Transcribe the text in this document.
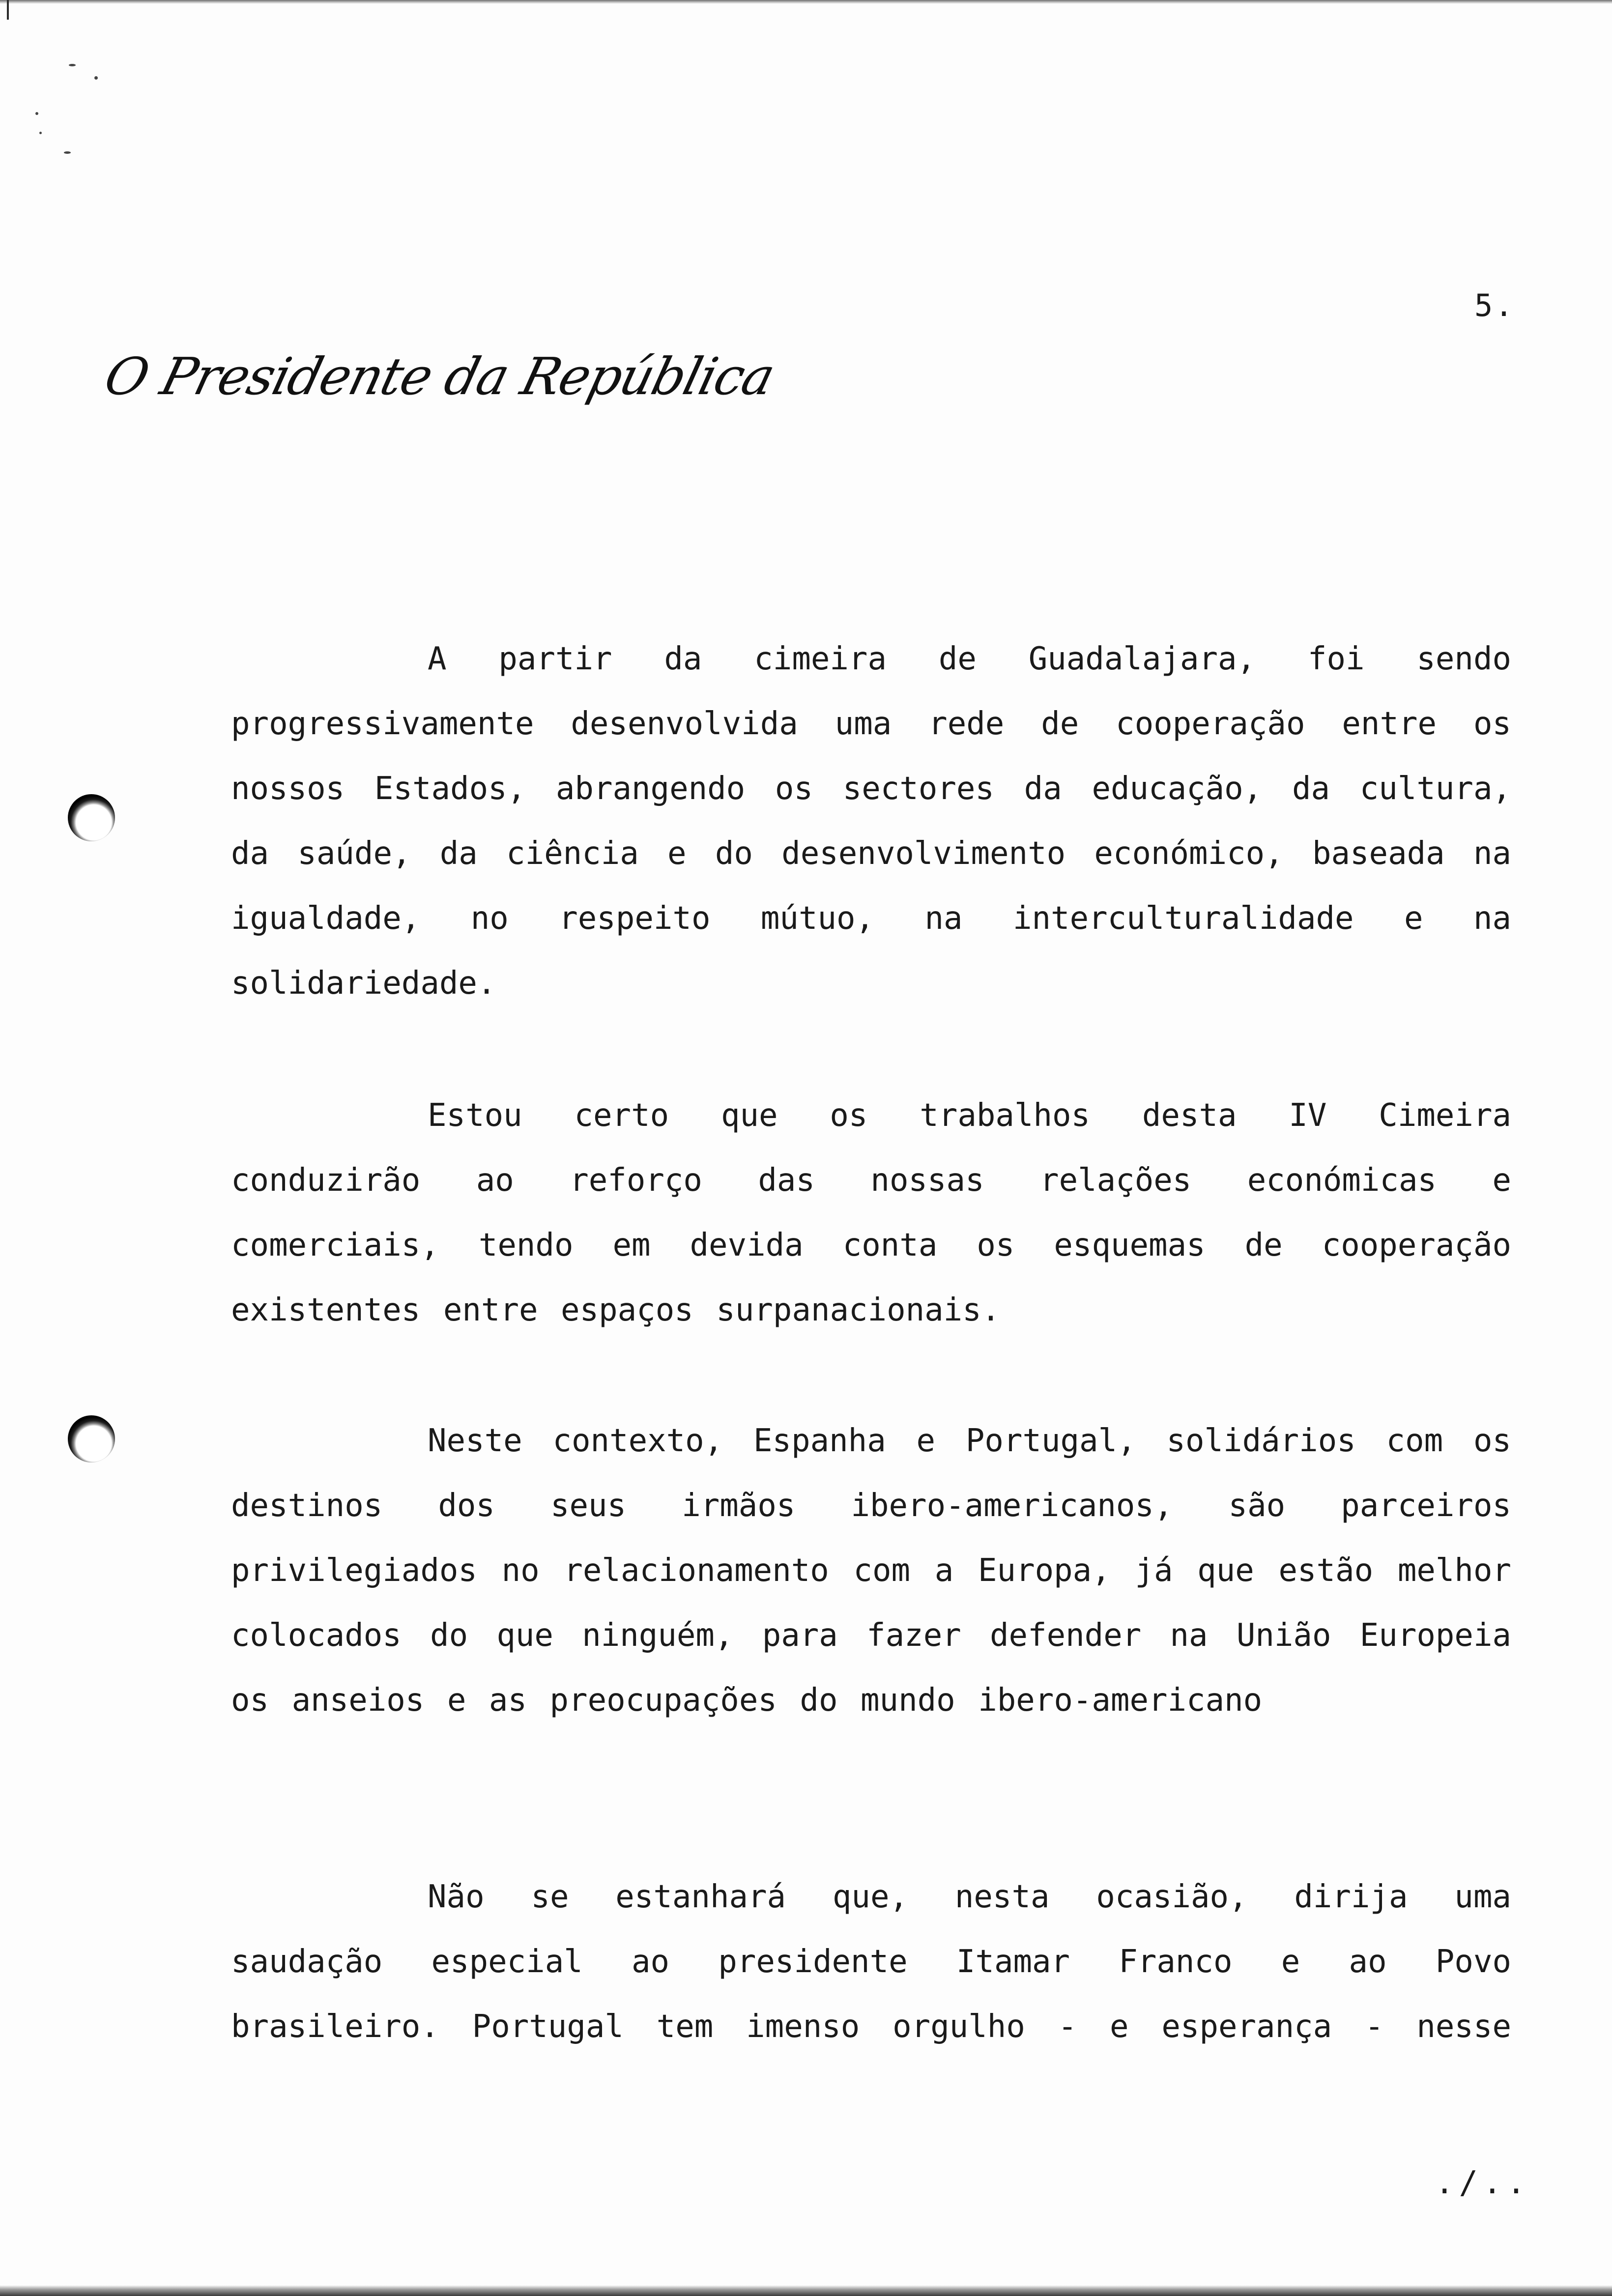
5.
O Presidente da República

A partir da cimeira de Guadalajara, foi sendo progressivamente desenvolvida uma rede de cooperação entre os nossos Estados, abrangendo os sectores da educação, da cultura, da saúde, da ciência e do desenvolvimento económico, baseada na igualdade, no respeito mútuo, na interculturalidade e na solidariedade.

Estou certo que os trabalhos desta IV Cimeira conduzirão ao reforço das nossas relações económicas e comerciais, tendo em devida conta os esquemas de cooperação existentes entre espaços surpanacionais.

Neste contexto, Espanha e Portugal, solidários com os destinos dos seus irmãos ibero-americanos, são parceiros privilegiados no relacionamento com a Europa, já que estão melhor colocados do que ninguém, para fazer defender na União Europeia os anseios e as preocupações do mundo ibero-americano

Não se estanhará que, nesta ocasião, dirija uma saudação especial ao presidente Itamar Franco e ao Povo brasileiro. Portugal tem imenso orgulho - e esperança - nesse

./..
